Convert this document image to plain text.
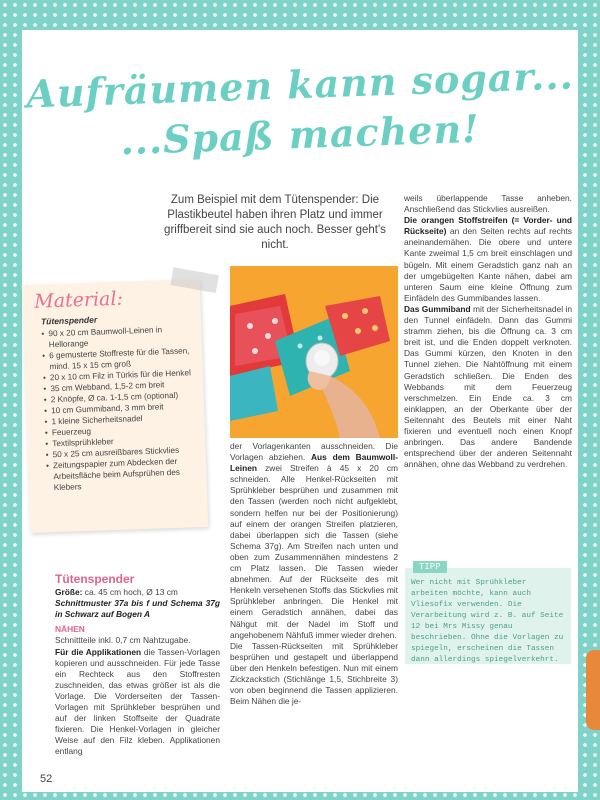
Aufräumen kann sogar...
...Spaß machen!
Zum Beispiel mit dem Tütenspender: Die Plastikbeutel haben ihren Platz und immer griffbereit sind sie auch noch. Besser geht's nicht.
Material:
Tütenspender
• 90 x 20 cm Baumwoll-Leinen in Hellorange
• 6 gemusterte Stoffreste für die Tassen, mind. 15 x 15 cm groß
• 20 x 10 cm Filz in Türkis für die Henkel
• 35 cm Webband, 1,5-2 cm breit
• 2 Knöpfe, Ø ca. 1-1,5 cm (optional)
• 10 cm Gummiband, 3 mm breit
• 1 kleine Sicherheitsnadel
• Feuerzeug
• Textilsprühkleber
• 50 x 25 cm ausreißbares Stickvlies
• Zeitungspapier zum Abdecken der Arbeitsfläche beim Aufsprühen des Klebers
Tütenspender

Größe: ca. 45 cm hoch, Ø 13 cm

Schnittmuster 37a bis f und Schema 37g in Schwarz auf Bogen A

NÄHEN

Schnittteile inkl. 0,7 cm Nahtzugabe.

Für die Applikationen die Tassen-Vorlagen kopieren und ausschneiden. Für jede Tasse ein Rechteck aus den Stoffresten zuschneiden, das etwas größer ist als die Vorlage. Die Vorderseiten der Tassen-Vorlagen mit Sprühkleber besprühen und auf der linken Stoffseite der Quadrate fixieren. Die Henkel-Vorlagen in gleicher Weise auf den Filz kleben. Applikationen entlang

der Vorlagenkanten ausschneiden. Die Vorlagen abziehen. Aus dem Baumwoll-Leinen zwei Streifen à 45 x 20 cm schneiden. Alle Henkel-Rückseiten mit Sprühkleber besprühen und zusammen mit den Tassen (werden noch nicht aufgeklebt, sondern helfen nur bei der Positionierung) auf einem der orangen Streifen platzieren, dabei überlappen sich die Tassen (siehe Schema 37g). Am Streifen nach unten und oben zum Zusammennähen mindestens 2 cm Platz lassen. Die Tassen wieder abnehmen. Auf der Rückseite des mit Henkeln versehenen Stoffs das Stickvlies mit Sprühkleber anbringen. Die Henkel mit einem Geradstich annähen, dabei das Nähgut mit der Nadel im Stoff und angehobenem Nähfuß immer wieder drehen.

Die Tassen-Rückseiten mit Sprühkleber besprühen und gestapelt und überlappend über den Henkeln befestigen. Nun mit einem Zickzackstich (Stichlänge 1,5, Stichbreite 3) von oben beginnend die Tassen applizieren. Beim Nähen die je-

weils überlappende Tasse anheben. Anschließend das Stickvlies ausreißen.

Die orangen Stoffstreifen (= Vorder- und Rückseite) an den Seiten rechts auf rechts aneinandernähen. Die obere und untere Kante zweimal 1,5 cm breit einschlagen und bügeln. Mit einem Geradstich ganz nah an der umgebügelten Kante nähen, dabei am unteren Saum eine kleine Öffnung zum Einfädeln des Gummibandes lassen.

Das Gummiband mit der Sicherheitsnadel in den Tunnel einfädeln. Dann das Gummi stramm ziehen, bis die Öffnung ca. 3 cm breit ist, und die Enden doppelt verknoten. Das Gummi kürzen, den Knoten in den Tunnel ziehen. Die Nahtöffnung mit einem Geradstich schließen. Die Enden des Webbands mit dem Feuerzeug verschmelzen. Ein Ende ca. 3 cm einklappen, an der Oberkante über der Seitennaht des Beutels mit einer Naht fixieren und eventuell noch einen Knopf anbringen. Das andere Bandende entsprechend über der anderen Seitennaht annähen, ohne das Webband zu verdrehen.

TIPP
Wer nicht mit Sprühkleber arbeiten möchte, kann auch Vliesofix verwenden. Die Verarbeitung wird z. B. auf Seite 12 bei Mrs Missy genau beschrieben. Ohne die Vorlagen zu spiegeln, erscheinen die Tassen dann allerdings spiegelverkehrt.
52	PassionForum.ru
